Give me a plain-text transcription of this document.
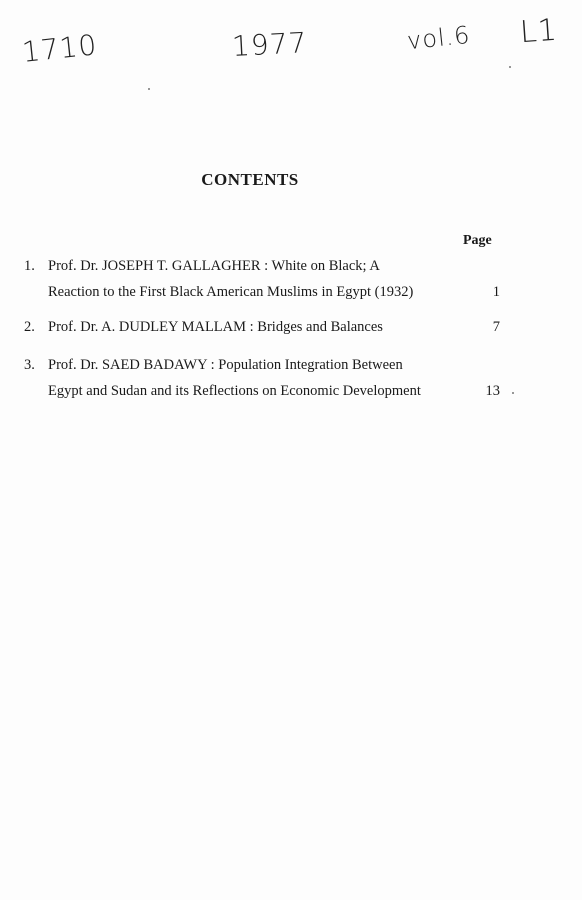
1710	1977	vol.6 L1
CONTENTS
Page
1. Prof. Dr. JOSEPH T. GALLAGHER : White on Black; A
Reaction to the First Black American Muslims in Egypt (1932)	1
2. Prof. Dr. A. DUDLEY MALLAM : Bridges and Balances	7
3. Prof. Dr. SAED BADAWY : Population Integration Between
Egypt and Sudan and its Reflections on Economic Development	13
